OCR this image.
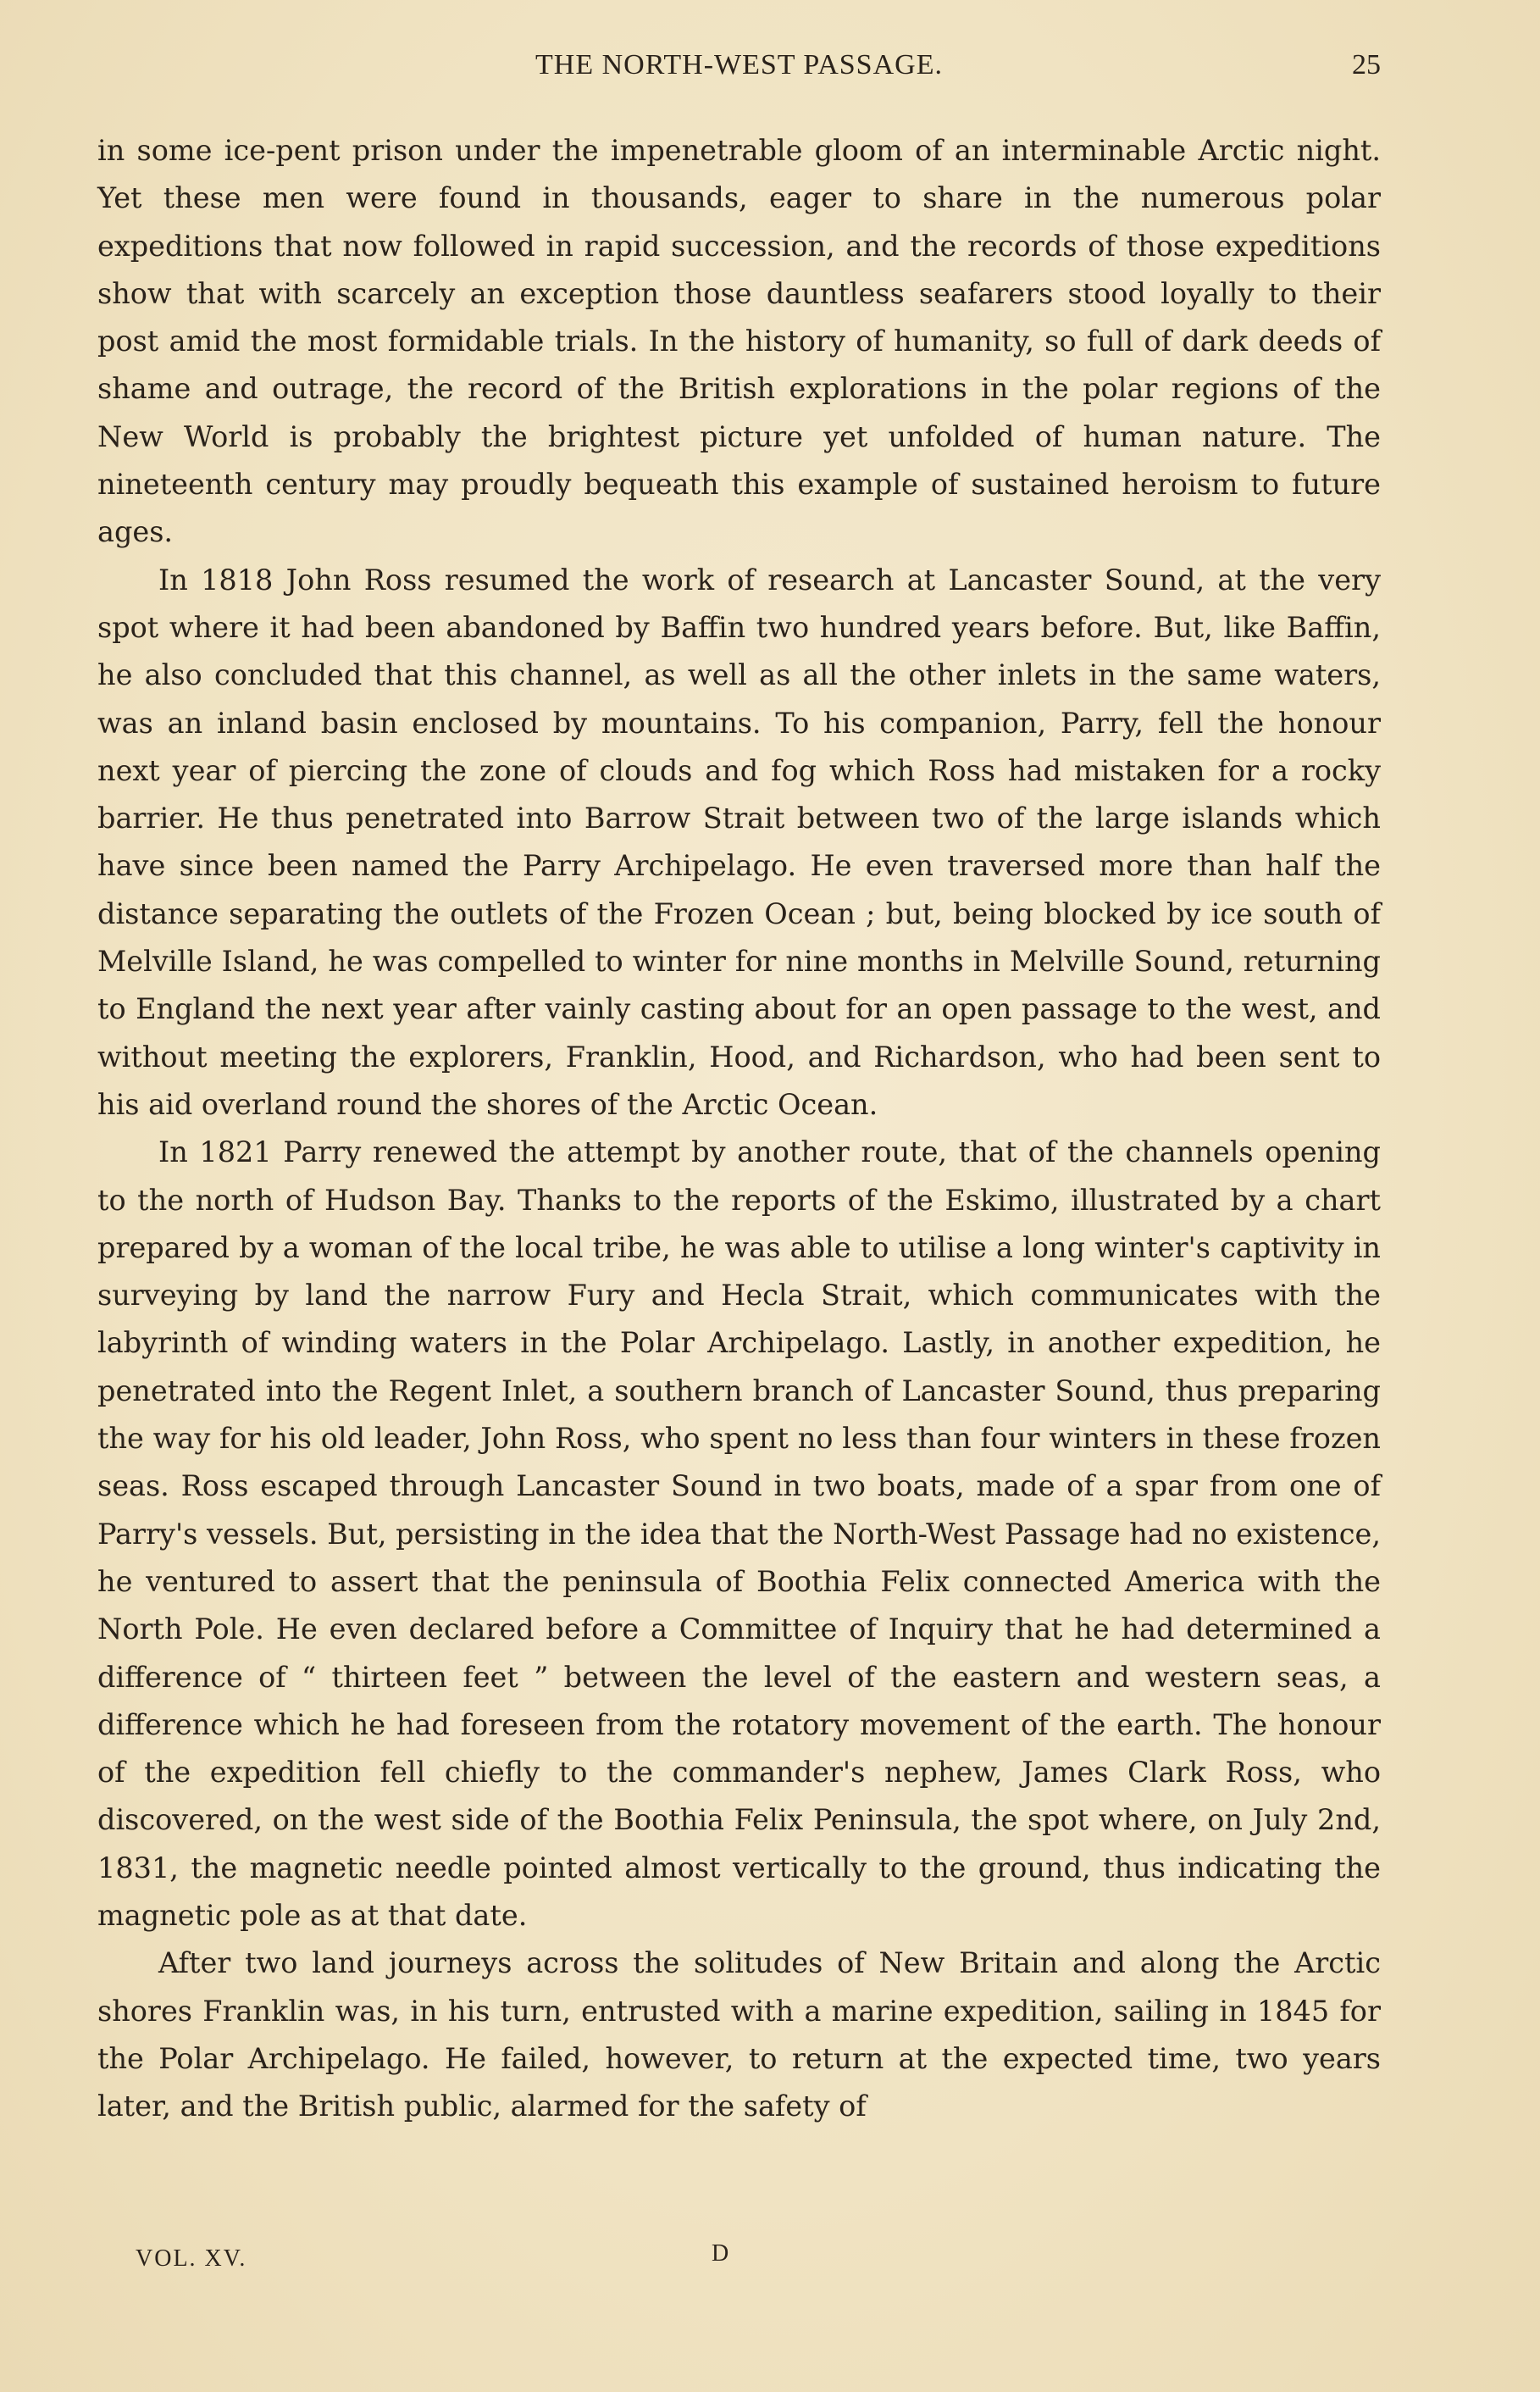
THE NORTH-WEST PASSAGE.	25

in some ice-pent prison under the impenetrable gloom of an interminable Arctic night. Yet these men were found in thousands, eager to share in the numerous polar expeditions that now followed in rapid succession, and the records of those expeditions show that with scarcely an exception those dauntless seafarers stood loyally to their post amid the most formidable trials. In the history of humanity, so full of dark deeds of shame and outrage, the record of the British explorations in the polar regions of the New World is probably the brightest picture yet unfolded of human nature. The nineteenth century may proudly bequeath this example of sustained heroism to future ages.

In 1818 John Ross resumed the work of research at Lancaster Sound, at the very spot where it had been abandoned by Baffin two hundred years before. But, like Baffin, he also concluded that this channel, as well as all the other inlets in the same waters, was an inland basin enclosed by mountains. To his companion, Parry, fell the honour next year of piercing the zone of clouds and fog which Ross had mistaken for a rocky barrier. He thus penetrated into Barrow Strait between two of the large islands which have since been named the Parry Archipelago. He even traversed more than half the distance separating the outlets of the Frozen Ocean ; but, being blocked by ice south of Melville Island, he was compelled to winter for nine months in Melville Sound, returning to England the next year after vainly casting about for an open passage to the west, and without meeting the explorers, Franklin, Hood, and Richardson, who had been sent to his aid overland round the shores of the Arctic Ocean.

In 1821 Parry renewed the attempt by another route, that of the channels opening to the north of Hudson Bay. Thanks to the reports of the Eskimo, illustrated by a chart prepared by a woman of the local tribe, he was able to utilise a long winter's captivity in surveying by land the narrow Fury and Hecla Strait, which communicates with the labyrinth of winding waters in the Polar Archipelago. Lastly, in another expedition, he penetrated into the Regent Inlet, a southern branch of Lancaster Sound, thus preparing the way for his old leader, John Ross, who spent no less than four winters in these frozen seas. Ross escaped through Lancaster Sound in two boats, made of a spar from one of Parry's vessels. But, persisting in the idea that the North-West Passage had no existence, he ventured to assert that the peninsula of Boothia Felix connected America with the North Pole. He even declared before a Committee of Inquiry that he had determined a difference of “ thirteen feet ” between the level of the eastern and western seas, a difference which he had foreseen from the rotatory movement of the earth. The honour of the expedition fell chiefly to the commander's nephew, James Clark Ross, who discovered, on the west side of the Boothia Felix Peninsula, the spot where, on July 2nd, 1831, the magnetic needle pointed almost vertically to the ground, thus indicating the magnetic pole as at that date.

After two land journeys across the solitudes of New Britain and along the Arctic shores Franklin was, in his turn, entrusted with a marine expedition, sailing in 1845 for the Polar Archipelago. He failed, however, to return at the expected time, two years later, and the British public, alarmed for the safety of

VOL. XV.	D
